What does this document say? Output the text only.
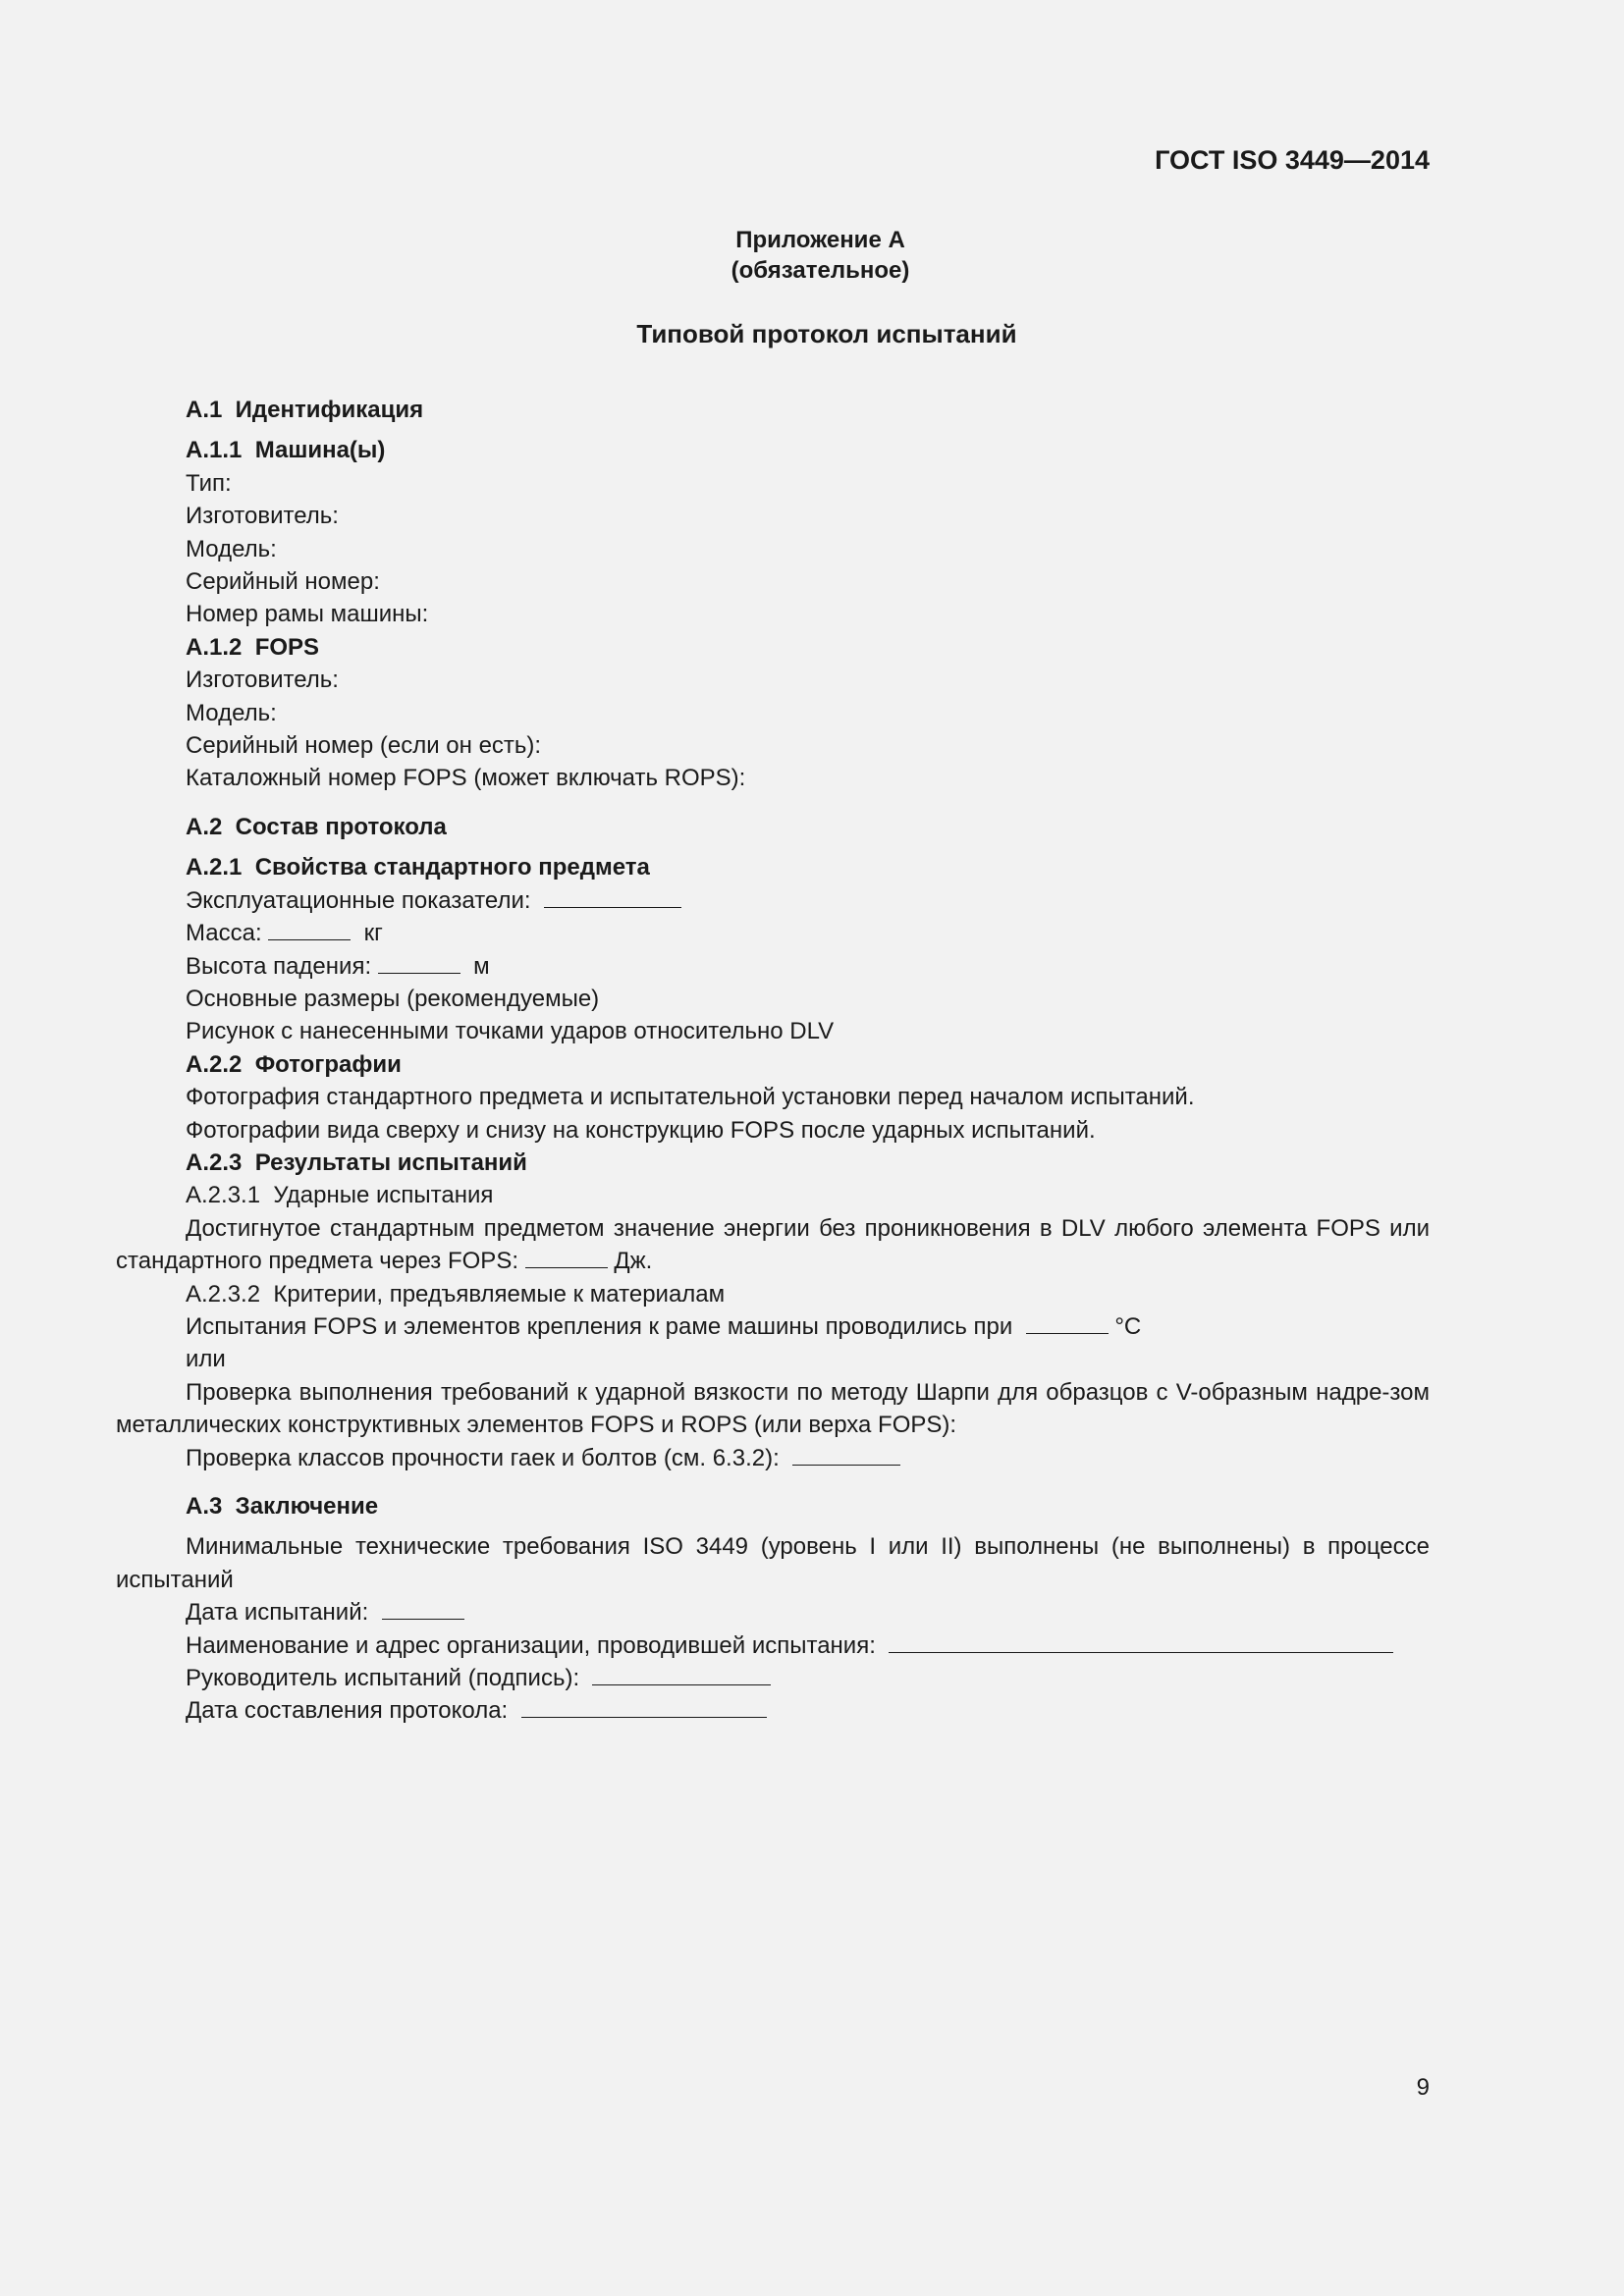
ГОСТ ISO 3449—2014

Приложение А

(обязательное)

Типовой протокол испытаний

А.1  Идентификация

А.1.1  Машина(ы)

Тип:

Изготовитель:

Модель:

Серийный номер:

Номер рамы машины:

А.1.2  FOPS

Изготовитель:

Модель:

Серийный номер (если он есть):

Каталожный номер FOPS (может включать ROPS):

А.2  Состав протокола

А.2.1  Свойства стандартного предмета

Эксплуатационные показатели:

Масса:	кг

Высота падения:	м

Основные размеры (рекомендуемые)

Рисунок с нанесенными точками ударов относительно DLV

А.2.2  Фотографии

Фотография стандартного предмета и испытательной установки перед началом испытаний.

Фотографии вида сверху и снизу на конструкцию FOPS после ударных испытаний.

А.2.3  Результаты испытаний

А.2.3.1  Ударные испытания

Достигнутое стандартным предметом значение энергии без проникновения в DLV любого элемента FOPS или стандартного предмета через FOPS:	Дж.

А.2.3.2  Критерии, предъявляемые к материалам

Испытания FOPS и элементов крепления к раме машины проводились при	°С

или

Проверка выполнения требований к ударной вязкости по методу Шарпи для образцов с V-образным надре-зом металлических конструктивных элементов FOPS и ROPS (или верха FOPS):

Проверка классов прочности гаек и болтов (см. 6.3.2):

А.3  Заключение

Минимальные технические требования ISO 3449 (уровень I или II) выполнены (не выполнены) в процессе испытаний

Дата испытаний:

Наименование и адрес организации, проводившей испытания:

Руководитель испытаний (подпись):

Дата составления протокола:

9
